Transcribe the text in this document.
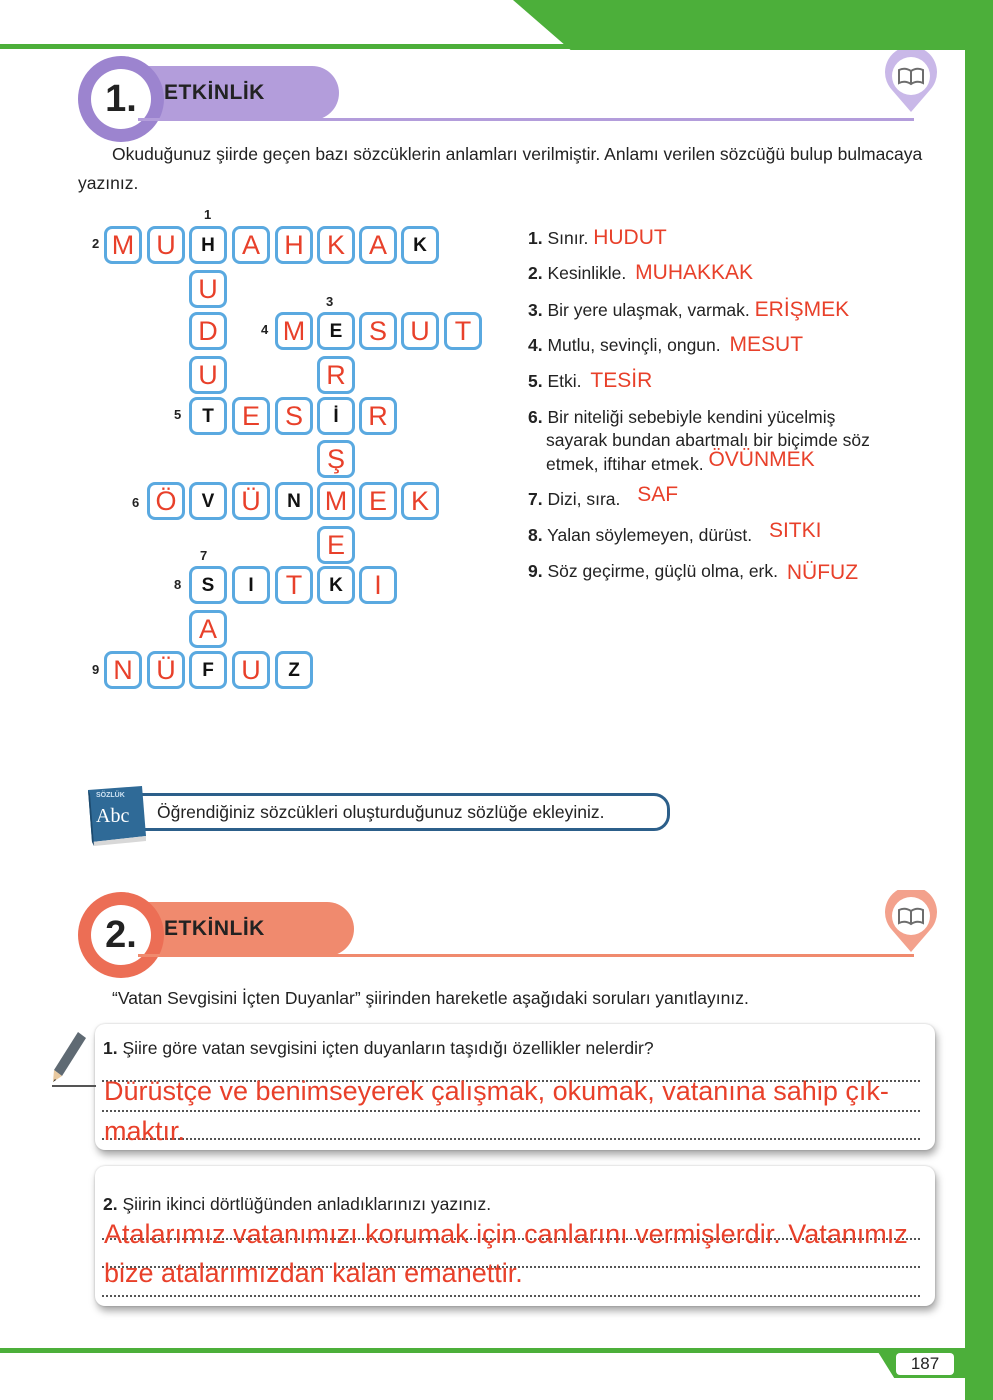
187
ETKİNLİK
1.
Okuduğunuz şiirde geçen bazı sözcüklerin anlamları verilmiştir. Anlamı verilen sözcüğü bulup bulmacaya yazınız.
M U	H	A H K A	K
U
D	M	E S U T
U	R
T	E S	İ	R
Ş
Ö	V Ü	N M E K
E
S	I	T	K	I
A
N Ü	F	U	Z
1
2
3
4
5
6
7
8
9
1. Sınır. HUDUT
2. Kesinlikle. MUHAKKAK
3. Bir yere ulaşmak, varmak. ERİŞMEK
4. Mutlu, sevinçli, ongun. MESUT
5. Etki. TESİR
6. Bir niteliği sebebiyle kendini yücelmiş
sayarak bundan abartmalı bir biçimde söz
etmek, iftihar etmek. ÖVÜNMEK
7. Dizi, sıra. SAF
8. Yalan söylemeyen, dürüst. SITKI
9. Söz geçirme, güçlü olma, erk. NÜFUZ
SÖZLÜK
Abc Öğrendiğiniz sözcükleri oluşturduğunuz sözlüğe ekleyiniz.
ETKİNLİK
2.
“Vatan Sevgisini İçten Duyanlar” şiirinden hareketle aşağıdaki soruları yanıtlayınız.
1. Şiire göre vatan sevgisini içten duyanların taşıdığı özellikler nelerdir?
Dürüstçe ve benimseyerek çalışmak, okumak, vatanına sahip çık-
maktır.
2. Şiirin ikinci dörtlüğünden anladıklarınızı yazınız.
Atalarımız vatanımızı korumak için canlarını vermişlerdir. Vatanımız
bize atalarımızdan kalan emanettir.
